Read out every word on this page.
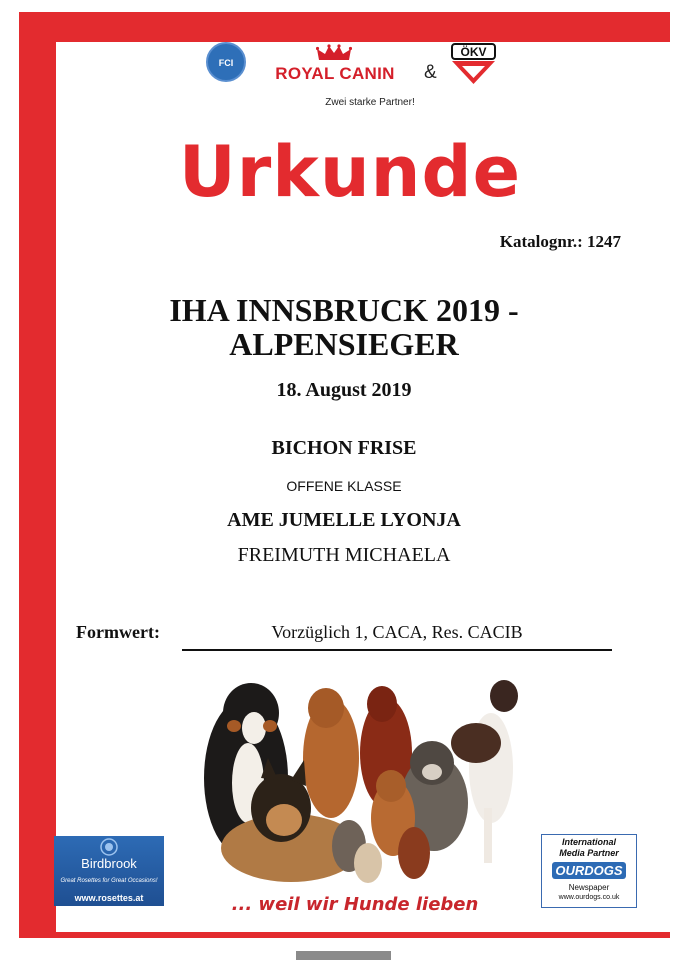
FCI
ROYAL CANIN	&
ÖKV
Zwei starke Partner!
Urkunde
Katalognr.: 1247
IHA INNSBRUCK 2019 -
ALPENSIEGER
18. August 2019
BICHON FRISE
OFFENE KLASSE
AME JUMELLE LYONJA
FREIMUTH MICHAELA
Formwert:	Vorzüglich 1, CACA, Res. CACIB
... weil wir Hunde lieben
Birdbrook
Great Rosettes for Great Occasions!
www.rosettes.at
International
Media Partner
OURDOGS
Newspaper
www.ourdogs.co.uk
